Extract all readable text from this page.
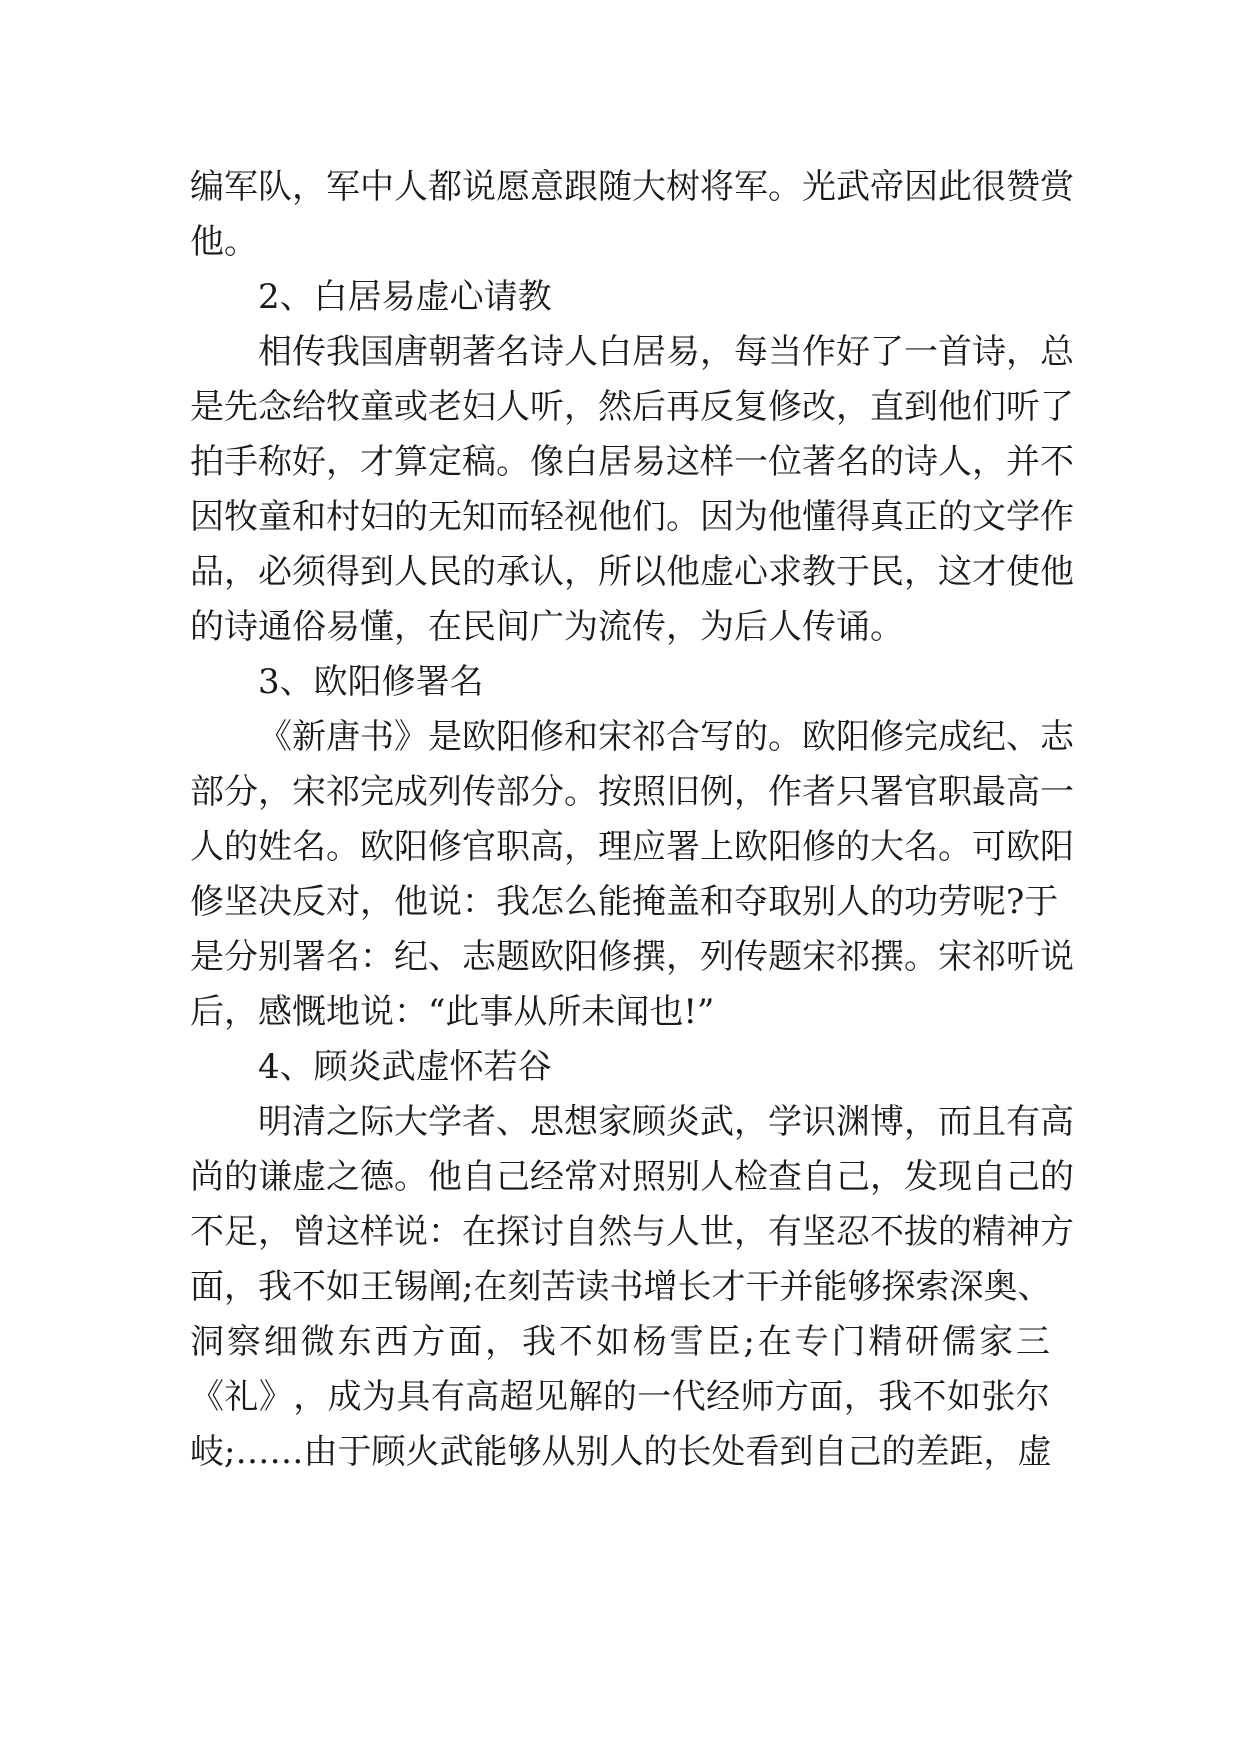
编 军 队 ， 军 中 人 都 说 愿 意 跟 随 大 树 将 军 。 光 武 帝 因 此 很 赞 赏
他。
2、白居易虚心请教
相 传 我 国 唐 朝 著 名 诗 人 白 居 易 ， 每 当 作 好 了 一 首 诗 ， 总
是 先 念 给 牧 童 或 老 妇 人 听 ， 然 后 再 反 复 修 改 ， 直 到 他 们 听 了
拍 手 称 好 ， 才 算 定 稿 。 像 白 居 易 这 样 一 位 著 名 的 诗 人 ， 并 不
因 牧 童 和 村 妇 的 无 知 而 轻 视 他 们 。 因 为 他 懂 得 真 正 的 文 学 作
品 ， 必 须 得 到 人 民 的 承 认 ， 所 以 他 虚 心 求 教 于 民 ， 这 才 使 他
的诗通俗易懂，在民间广为流传，为后人传诵。
3、欧阳修署名
《 新 唐 书 》 是 欧 阳 修 和 宋 祁 合 写 的 。 欧 阳 修 完 成 纪 、 志
部 分 ， 宋 祁 完 成 列 传 部 分 。 按 照 旧 例 ， 作 者 只 署 官 职 最 高 一
人 的 姓 名 。 欧 阳 修 官 职 高 ， 理 应 署 上 欧 阳 修 的 大 名 。 可 欧 阳
修 坚 决 反 对 ， 他 说 ： 我 怎 么 能 掩 盖 和 夺 取 别 人 的 功 劳 呢 ? 于
是 分 别 署 名 ： 纪 、 志 题 欧 阳 修 撰 ， 列 传 题 宋 祁 撰 。 宋 祁 听 说
后，感慨地说：“此事从所未闻也!”
4、顾炎武虚怀若谷
明 清 之 际 大 学 者 、 思 想 家 顾 炎 武 ， 学 识 渊 博 ， 而 且 有 高
尚 的 谦 虚 之 德 。 他 自 己 经 常 对 照 别 人 检 查 自 己 ， 发 现 自 己 的
不 足 ， 曾 这 样 说 ： 在 探 讨 自 然 与 人 世 ， 有 坚 忍 不 拔 的 精 神 方
面 ， 我 不 如 王 锡 阐 ; 在 刻 苦 读 书 增 长 才 干 并 能 够 探 索 深 奥 、
洞 察 细 微 东 西 方 面 ， 我 不 如 杨 雪 臣 ; 在 专 门 精 研 儒 家 三
《 礼 》 ， 成 为 具 有 高 超 见 解 的 一 代 经 师 方 面 ， 我 不 如 张 尔
岐 ; … … 由 于 顾 火 武 能 够 从 别 人 的 长 处 看 到 自 己 的 差 距 ， 虚
